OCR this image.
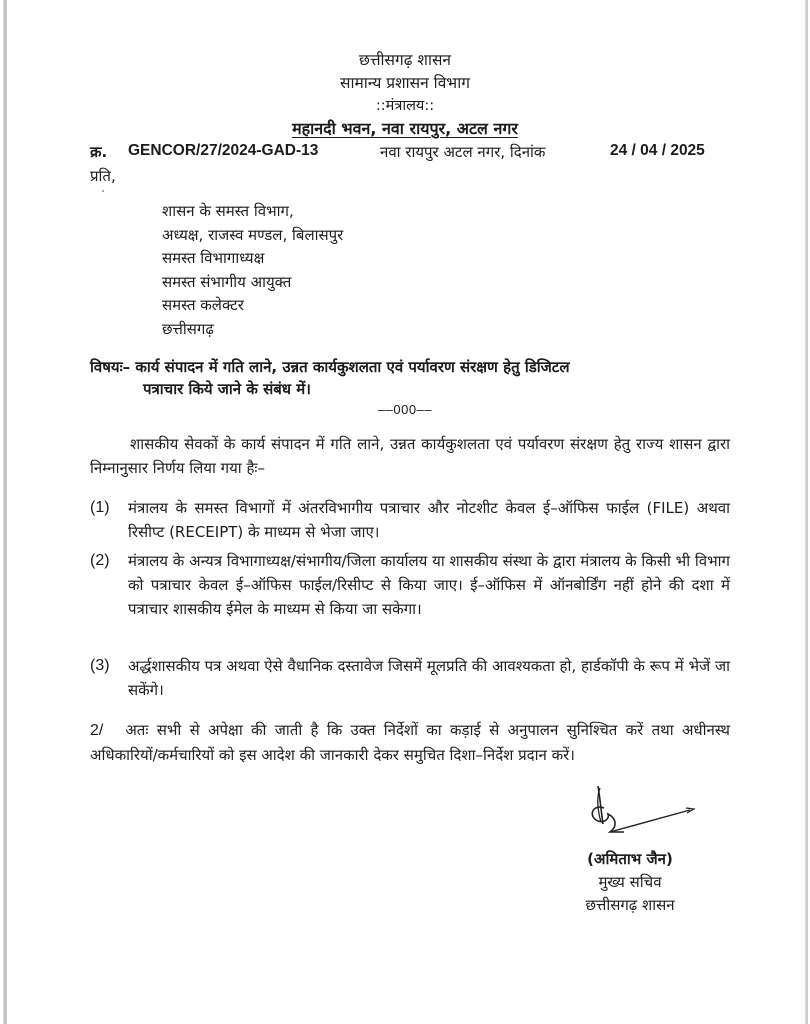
छत्तीसगढ़ शासन
सामान्य प्रशासन विभाग
::मंत्रालय::
महानदी भवन, नवा रायपुर, अटल नगर
क्र. GENCOR/27/2024-GAD-13	नवा रायपुर अटल नगर, दिनांक	24 / 04 / 2025
प्रति,
शासन के समस्त विभाग,
अध्यक्ष, राजस्व मण्डल, बिलासपुर
समस्त विभागाध्यक्ष
समस्त संभागीय आयुक्त
समस्त कलेक्टर
छत्तीसगढ़
विषयः– कार्य संपादन में गति लाने, उन्नत कार्यकुशलता एवं पर्यावरण संरक्षण हेतु डिजिटल
पत्राचार किये जाने के संबंध में।
––000––
शासकीय सेवकों के कार्य संपादन में गति लाने, उन्नत कार्यकुशलता एवं पर्यावरण संरक्षण हेतु राज्य शासन द्वारा निम्नानुसार निर्णय लिया गया हैः–
(1) मंत्रालय के समस्त विभागों में अंतरविभागीय पत्राचार और नोटशीट केवल ई–ऑफिस फाईल (FILE) अथवा रिसीप्ट (RECEIPT) के माध्यम से भेजा जाए।
(2) मंत्रालय के अन्यत्र विभागाध्यक्ष/संभागीय/जिला कार्यालय या शासकीय संस्था के द्वारा मंत्रालय के किसी भी विभाग को पत्राचार केवल ई–ऑफिस फाईल/रिसीप्ट से किया जाए। ई–ऑफिस में ऑनबोर्डिंग नहीं होने की दशा में पत्राचार शासकीय ईमेल के माध्यम से किया जा सकेगा।
(3) अर्द्धशासकीय पत्र अथवा ऐसे वैधानिक दस्तावेज जिसमें मूलप्रति की आवश्यकता हो, हार्डकॉपी के रूप में भेजें जा सकेंगे।
2/ अतः सभी से अपेक्षा की जाती है कि उक्त निर्देशों का कड़ाई से अनुपालन सुनिश्चित करें तथा अधीनस्थ अधिकारियों/कर्मचारियों को इस आदेश की जानकारी देकर समुचित दिशा–निर्देश प्रदान करें।
(अमिताभ जैन)
मुख्य सचिव
छत्तीसगढ़ शासन
